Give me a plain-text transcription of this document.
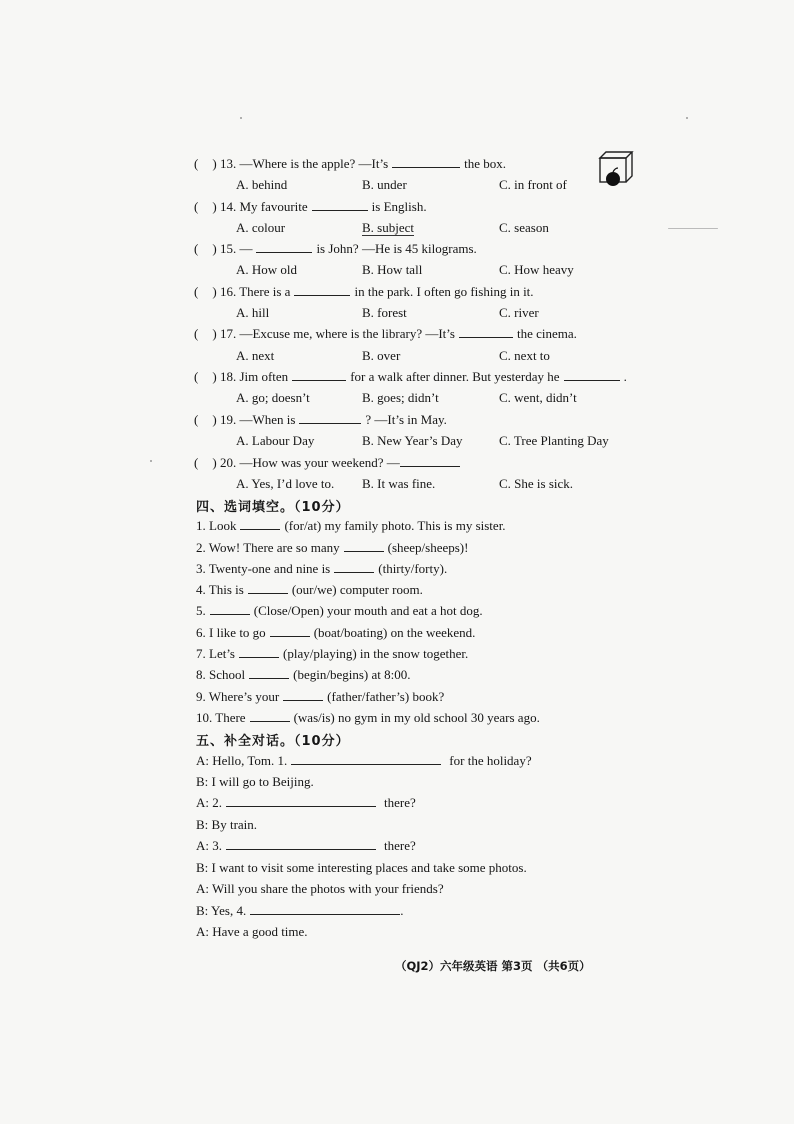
( ) 13. —Where is the apple? —It’s	the box.
A. behind	B. under	C. in front of
( ) 14. My favourite	is English.
A. colour	B. subject	C. season
( ) 15. —	is John? —He is 45 kilograms.
A. How old	B. How tall	C. How heavy
( ) 16. There is a	in the park. I often go fishing in it.
A. hill	B. forest	C. river
( ) 17. —Excuse me, where is the library? —It’s	the cinema.
A. next	B. over	C. next to
( ) 18. Jim often	for a walk after dinner. But yesterday he	.
A. go; doesn’t	B. goes; didn’t	C. went, didn’t
( ) 19. —When is	? —It’s in May.
A. Labour Day	B. New Year’s Day	C. Tree Planting Day
( ) 20. —How was your weekend? —
A. Yes, I’d love to. B. It was fine.	C. She is sick.
四、选词填空。（10分）
1. Look	(for/at) my family photo. This is my sister.
2. Wow! There are so many	(sheep/sheeps)!
3. Twenty-one and nine is	(thirty/forty).
4. This is	(our/we) computer room.
5.	(Close/Open) your mouth and eat a hot dog.
6. I like to go	(boat/boating) on the weekend.
7. Let’s	(play/playing) in the snow together.
8. School	(begin/begins) at 8:00.
9. Where’s your	(father/father’s) book?
10. There	(was/is) no gym in my old school 30 years ago.
五、补全对话。（10分）
A: Hello, Tom. 1.	for the holiday?
B: I will go to Beijing.
A: 2.	there?
B: By train.
A: 3.	there?
B: I want to visit some interesting places and take some photos.
A: Will you share the photos with your friends?
B: Yes, 4.	.
A: Have a good time.
（QJ2）六年级英语 第3页 （共6页）
